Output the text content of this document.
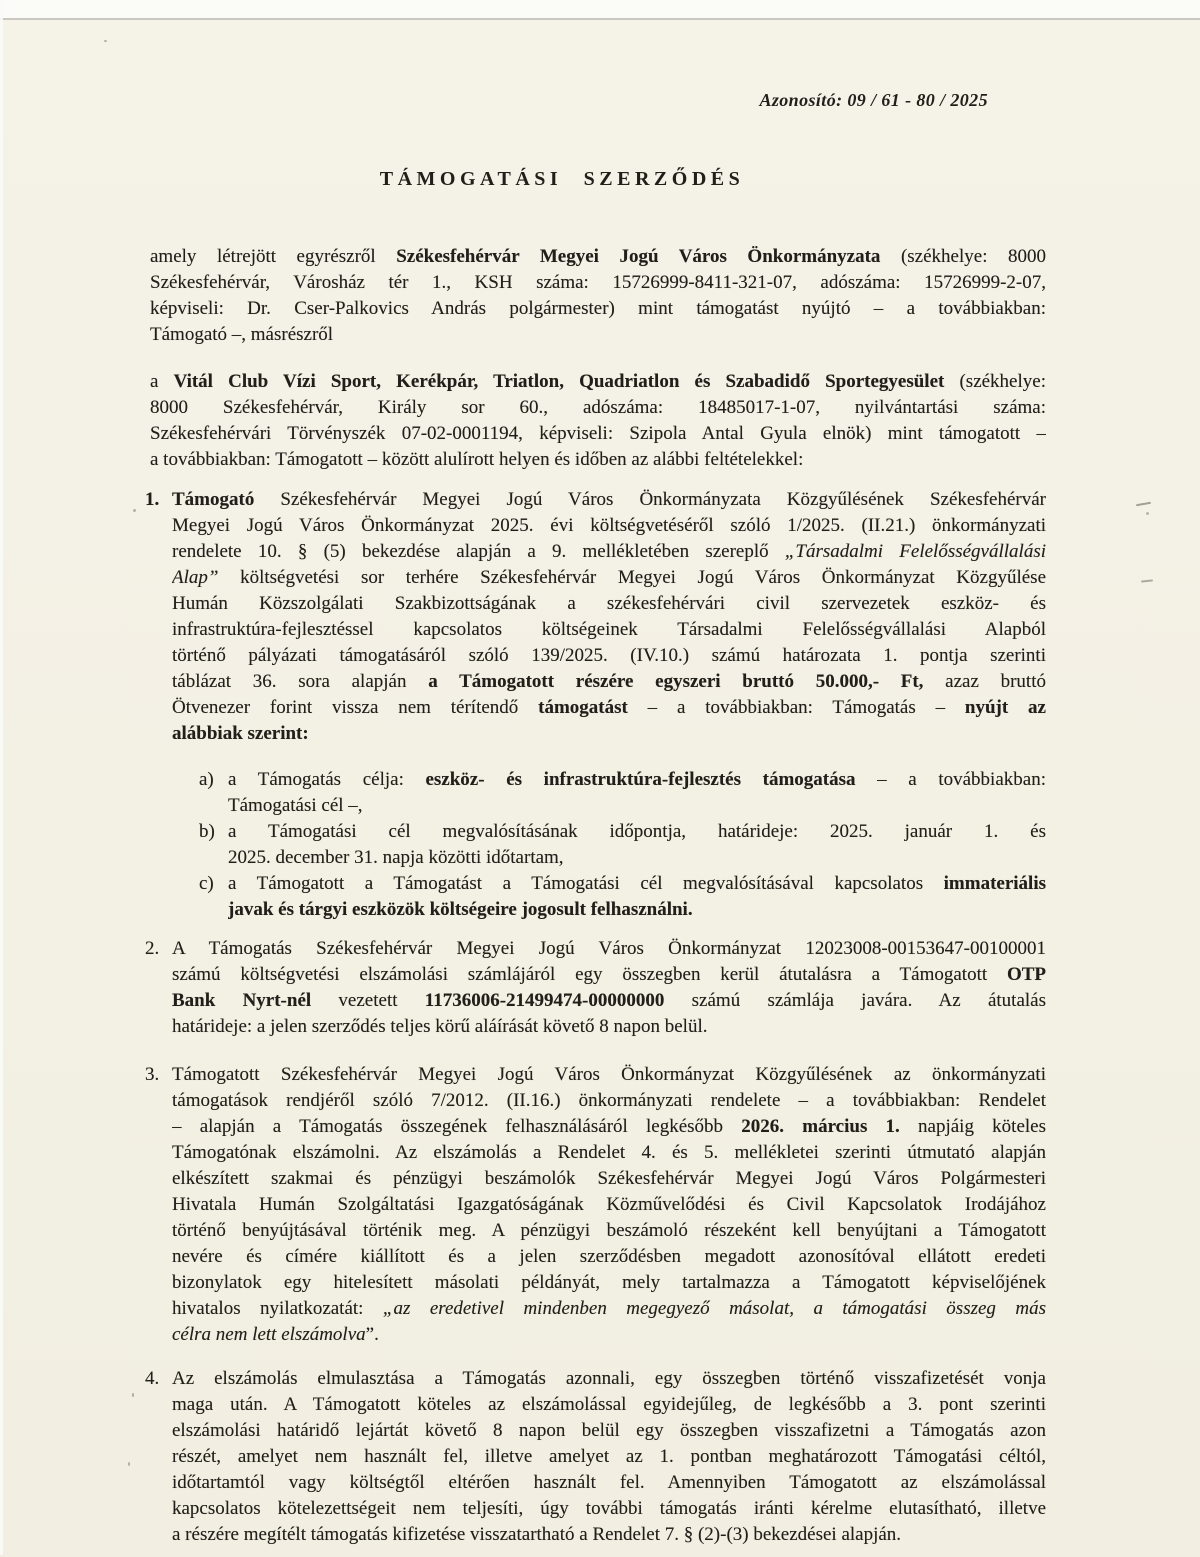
Azonosító: 09 / 61 - 80 / 2025
TÁMOGATÁSI SZERZŐDÉS
amely létrejött egyrészről Székesfehérvár Megyei Jogú Város Önkormányzata (székhelye: 8000
Székesfehérvár, Városház tér 1., KSH száma: 15726999-8411-321-07, adószáma: 15726999-2-07,
képviseli: Dr. Cser-Palkovics András polgármester) mint támogatást nyújtó – a továbbiakban:
Támogató –, másrészről
a Vitál Club Vízi Sport, Kerékpár, Triatlon, Quadriatlon és Szabadidő Sportegyesület (székhelye:
8000 Székesfehérvár, Király sor 60., adószáma: 18485017-1-07, nyilvántartási száma:
Székesfehérvári Törvényszék 07-02-0001194, képviseli: Szipola Antal Gyula elnök) mint támogatott –
a továbbiakban: Támogatott – között alulírott helyen és időben az alábbi feltételekkel:
1. Támogató Székesfehérvár Megyei Jogú Város Önkormányzata Közgyűlésének Székesfehérvár
Megyei Jogú Város Önkormányzat 2025. évi költségvetéséről szóló 1/2025. (II.21.) önkormányzati
rendelete 10. § (5) bekezdése alapján a 9. mellékletében szereplő „Társadalmi Felelősségvállalási
Alap” költségvetési sor terhére Székesfehérvár Megyei Jogú Város Önkormányzat Közgyűlése
Humán Közszolgálati Szakbizottságának a székesfehérvári civil szervezetek eszköz- és
infrastruktúra-fejlesztéssel kapcsolatos költségeinek Társadalmi Felelősségvállalási Alapból
történő pályázati támogatásáról szóló 139/2025. (IV.10.) számú határozata 1. pontja szerinti
táblázat 36. sora alapján a Támogatott részére egyszeri bruttó 50.000,- Ft, azaz bruttó
Ötvenezer forint vissza nem térítendő támogatást – a továbbiakban: Támogatás – nyújt az
alábbiak szerint:
a) a Támogatás célja: eszköz- és infrastruktúra-fejlesztés támogatása – a továbbiakban:
Támogatási cél –,
b) a Támogatási cél megvalósításának időpontja, határideje: 2025. január 1. és
2025. december 31. napja közötti időtartam,
c) a Támogatott a Támogatást a Támogatási cél megvalósításával kapcsolatos immateriális
javak és tárgyi eszközök költségeire jogosult felhasználni.
2. A Támogatás Székesfehérvár Megyei Jogú Város Önkormányzat 12023008-00153647-00100001
számú költségvetési elszámolási számlájáról egy összegben kerül átutalásra a Támogatott OTP
Bank Nyrt-nél vezetett 11736006-21499474-00000000 számú számlája javára. Az átutalás
határideje: a jelen szerződés teljes körű aláírását követő 8 napon belül.
3. Támogatott Székesfehérvár Megyei Jogú Város Önkormányzat Közgyűlésének az önkormányzati
támogatások rendjéről szóló 7/2012. (II.16.) önkormányzati rendelete – a továbbiakban: Rendelet
– alapján a Támogatás összegének felhasználásáról legkésőbb 2026. március 1. napjáig köteles
Támogatónak elszámolni. Az elszámolás a Rendelet 4. és 5. mellékletei szerinti útmutató alapján
elkészített szakmai és pénzügyi beszámolók Székesfehérvár Megyei Jogú Város Polgármesteri
Hivatala Humán Szolgáltatási Igazgatóságának Közművelődési és Civil Kapcsolatok Irodájához
történő benyújtásával történik meg. A pénzügyi beszámoló részeként kell benyújtani a Támogatott
nevére és címére kiállított és a jelen szerződésben megadott azonosítóval ellátott eredeti
bizonylatok egy hitelesített másolati példányát, mely tartalmazza a Támogatott képviselőjének
hivatalos nyilatkozatát: „az eredetivel mindenben megegyező másolat, a támogatási összeg más
célra nem lett elszámolva”.
4. Az elszámolás elmulasztása a Támogatás azonnali, egy összegben történő visszafizetését vonja
maga után. A Támogatott köteles az elszámolással egyidejűleg, de legkésőbb a 3. pont szerinti
elszámolási határidő lejártát követő 8 napon belül egy összegben visszafizetni a Támogatás azon
részét, amelyet nem használt fel, illetve amelyet az 1. pontban meghatározott Támogatási céltól,
időtartamtól vagy költségtől eltérően használt fel. Amennyiben Támogatott az elszámolással
kapcsolatos kötelezettségeit nem teljesíti, úgy további támogatás iránti kérelme elutasítható, illetve
a részére megítélt támogatás kifizetése visszatartható a Rendelet 7. § (2)-(3) bekezdései alapján.
